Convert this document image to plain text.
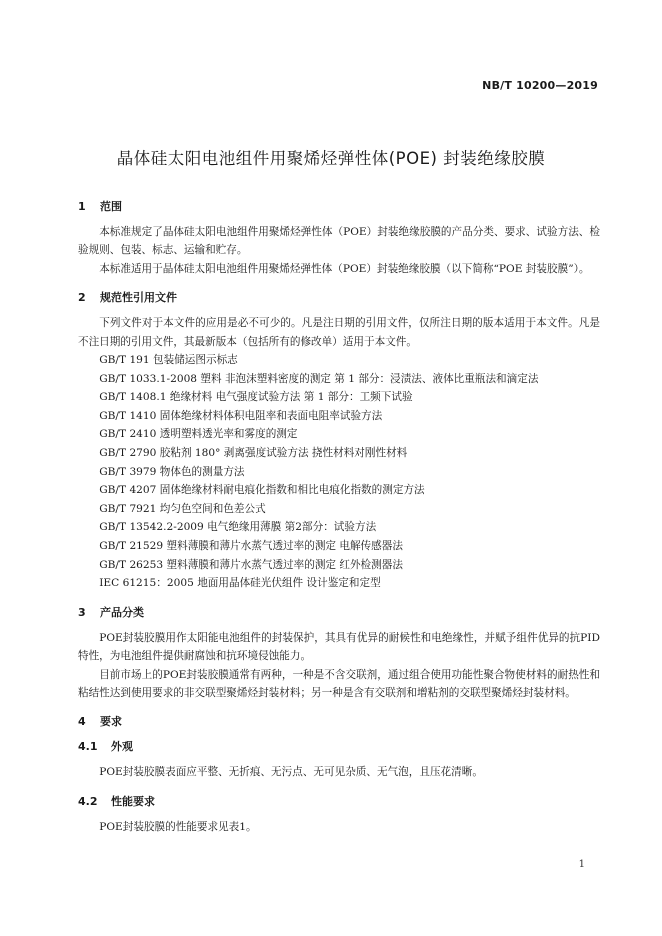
NB/T 10200—2019
晶体硅太阳电池组件用聚烯烃弹性体(POE) 封装绝缘胶膜
1 范围

本标准规定了晶体硅太阳电池组件用聚烯烃弹性体（POE）封装绝缘胶膜的产品分类、要求、试验方法、检验规则、包装、标志、运输和贮存。

本标准适用于晶体硅太阳电池组件用聚烯烃弹性体（POE）封装绝缘胶膜（以下简称“POE 封装胶膜”）。

2 规范性引用文件

下列文件对于本文件的应用是必不可少的。凡是注日期的引用文件，仅所注日期的版本适用于本文件。凡是不注日期的引用文件，其最新版本（包括所有的修改单）适用于本文件。

GB/T 191 包装储运图示标志
GB/T 1033.1-2008 塑料 非泡沫塑料密度的测定 第 1 部分：浸渍法、液体比重瓶法和滴定法
GB/T 1408.1 绝缘材料 电气强度试验方法 第 1 部分：工频下试验
GB/T 1410 固体绝缘材料体积电阻率和表面电阻率试验方法
GB/T 2410 透明塑料透光率和雾度的测定
GB/T 2790 胶粘剂 180° 剥离强度试验方法 挠性材料对刚性材料
GB/T 3979 物体色的测量方法
GB/T 4207 固体绝缘材料耐电痕化指数和相比电痕化指数的测定方法
GB/T 7921 均匀色空间和色差公式
GB/T 13542.2-2009 电气绝缘用薄膜 第2部分：试验方法
GB/T 21529 塑料薄膜和薄片水蒸气透过率的测定 电解传感器法
GB/T 26253 塑料薄膜和薄片水蒸气透过率的测定 红外检测器法
IEC 61215：2005 地面用晶体硅光伏组件 设计鉴定和定型
3 产品分类

POE封装胶膜用作太阳能电池组件的封装保护，其具有优异的耐候性和电绝缘性，并赋予组件优异的抗PID特性，为电池组件提供耐腐蚀和抗环境侵蚀能力。

目前市场上的POE封装胶膜通常有两种，一种是不含交联剂，通过组合使用功能性聚合物使材料的耐热性和粘结性达到使用要求的非交联型聚烯烃封装材料；另一种是含有交联剂和增粘剂的交联型聚烯烃封装材料。

4 要求
4.1 外观

POE封装胶膜表面应平整、无折痕、无污点、无可见杂质、无气泡，且压花清晰。

4.2 性能要求

POE封装胶膜的性能要求见表1。

1
